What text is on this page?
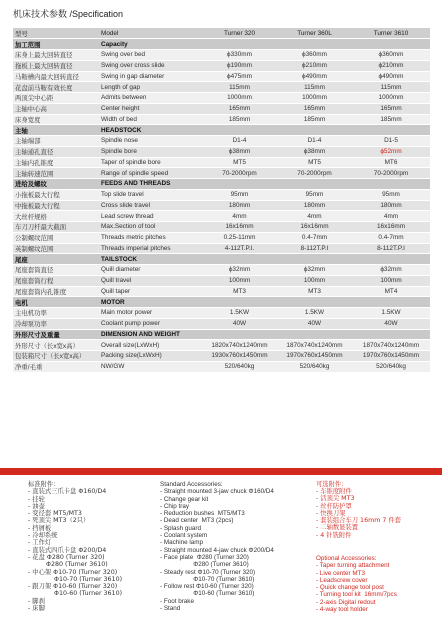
机床技术参数 /Specification
型号	Model	Turner 320	Turner 360L	Turner 3610
加工范围	Capacity			
床身上最大回转直径	Swing over bed	ϕ330mm	ϕ360mm	ϕ360mm
拖板上最大回转直径	Swing over cross slide	ϕ190mm	ϕ210mm	ϕ210mm
马鞍槽内最大回转直径	Swing in gap diameter	ϕ475mm	ϕ490mm	ϕ490mm
花盘前马鞍有效长度	Length of gap	115mm	115mm	115mm
两顶尖中心距	Admits between	1000mm	1000mm	1000mm
主轴中心高	Center height	165mm	165mm	165mm
床身宽度	Width of bed	185mm	185mm	185mm
主轴	HEADSTOCK			
主轴端部	Spindle nose	D1-4	D1-4	D1-5
主轴通孔直径	Spindle bore	ϕ38mm	ϕ38mm	ϕ52mm
主轴内孔锥度	Taper of spindle bore	MT5	MT5	MT6
主轴转速范围	Range of spindle speed	70-2000rpm	70-2000rpm	70-2000rpm
进给及螺纹	FEEDS AND THREADS			
小拖板最大行程	Top slide travel	95mm	95mm	95mm
中拖板最大行程	Cross slide travel	180mm	180mm	180mm
大丝杆规格	Lead screw thread	4mm	4mm	4mm
车刀刀杆最大截面	Max.Section of tool	16x16mm	16x16mm	16x16mm
公制螺纹范围	Threads metric pitches	0.25-11mm	0.4-7mm	0.4-7mm
英制螺纹范围	Threads imperial pitches	4-112T.P.I.	8-112T.P.I	8-112T.P.I
尾座	TAILSTOCK			
尾座套筒直径	Quill diameter	ϕ32mm	ϕ32mm	ϕ32mm
尾座套筒行程	Quill travel	100mm	100mm	100mm
尾座套筒内孔锥度	Quill taper	MT3	MT3	MT4
电机	MOTOR			
主电机功率	Main motor power	1.5KW	1.5KW	1.5KW
冷却泵功率	Coolant pump power	40W	40W	40W
外形尺寸及重量	DIMENSION AND WEIGHT			
外形尺寸（长x宽x高）	Overall size(LxWxH)	1820x740x1240mm	1870x740x1240mm	1870x740x1240mm
包装箱尺寸（长x宽x高）	Packing size(LxWxH)	1930x760x1450mm	1970x760x1450mm	1970x760x1450mm
净重/毛重	NW/GW	520/640kg	520/640kg	520/640kg
标准附件：
- 直装式三爪卡盘 Φ160/D4
- 挂轮
- 油壶
- 变径套 MT5/MT3
- 死顶尖 MT3（2只）
- 挡屑板
- 冷却系统
- 工作灯
- 直装式四爪卡盘 Φ200/D4
- 花盘 Φ280 (Turner 320)
Φ280 (Turner 3610)
- 中心架 Φ10-70 (Turner 320)
Φ10-70 (Turner 3610)
- 跟刀架 Φ10-60 (Turner 320)
Φ10-60 (Turner 3610)
- 脚刹
- 床脚
Standard Accessories:
- Straight mounted 3-jaw chuck Φ160/D4
- Change gear kit
- Chip tray
- Reduction bushes  MT5/MT3
- Dead center  MT3 (2pcs)
- Splash guard
- Coolant system
- Machine lamp
- Straight mounted 4-jaw chuck Φ200/D4
- Face plate  Φ280 (Turner 320)
Φ280 (Turner 3610)
- Steady rest Φ10-70 (Turner 320)
Φ10-70 (Turner 3610)
- Follow rest Φ10-60 (Turner 320)
Φ10-60 (Turner 3610)
- Foot brake
- Stand
可选附件：
- 车锥度附件
- 活顶尖 MT3
- 丝杆防护罩
- 快换刀架
- 套装组合车刀 16mm 7 件套
- 二轴数显装置
- 4 针铣附件
Optional Accessories:
- Taper turning attachment
- Live center MT3
- Leadscrew cover
- Quick change tool post
- Turning tool kit  16mm/7pcs
- 2-axis Digital redout
- 4-way tool holder
